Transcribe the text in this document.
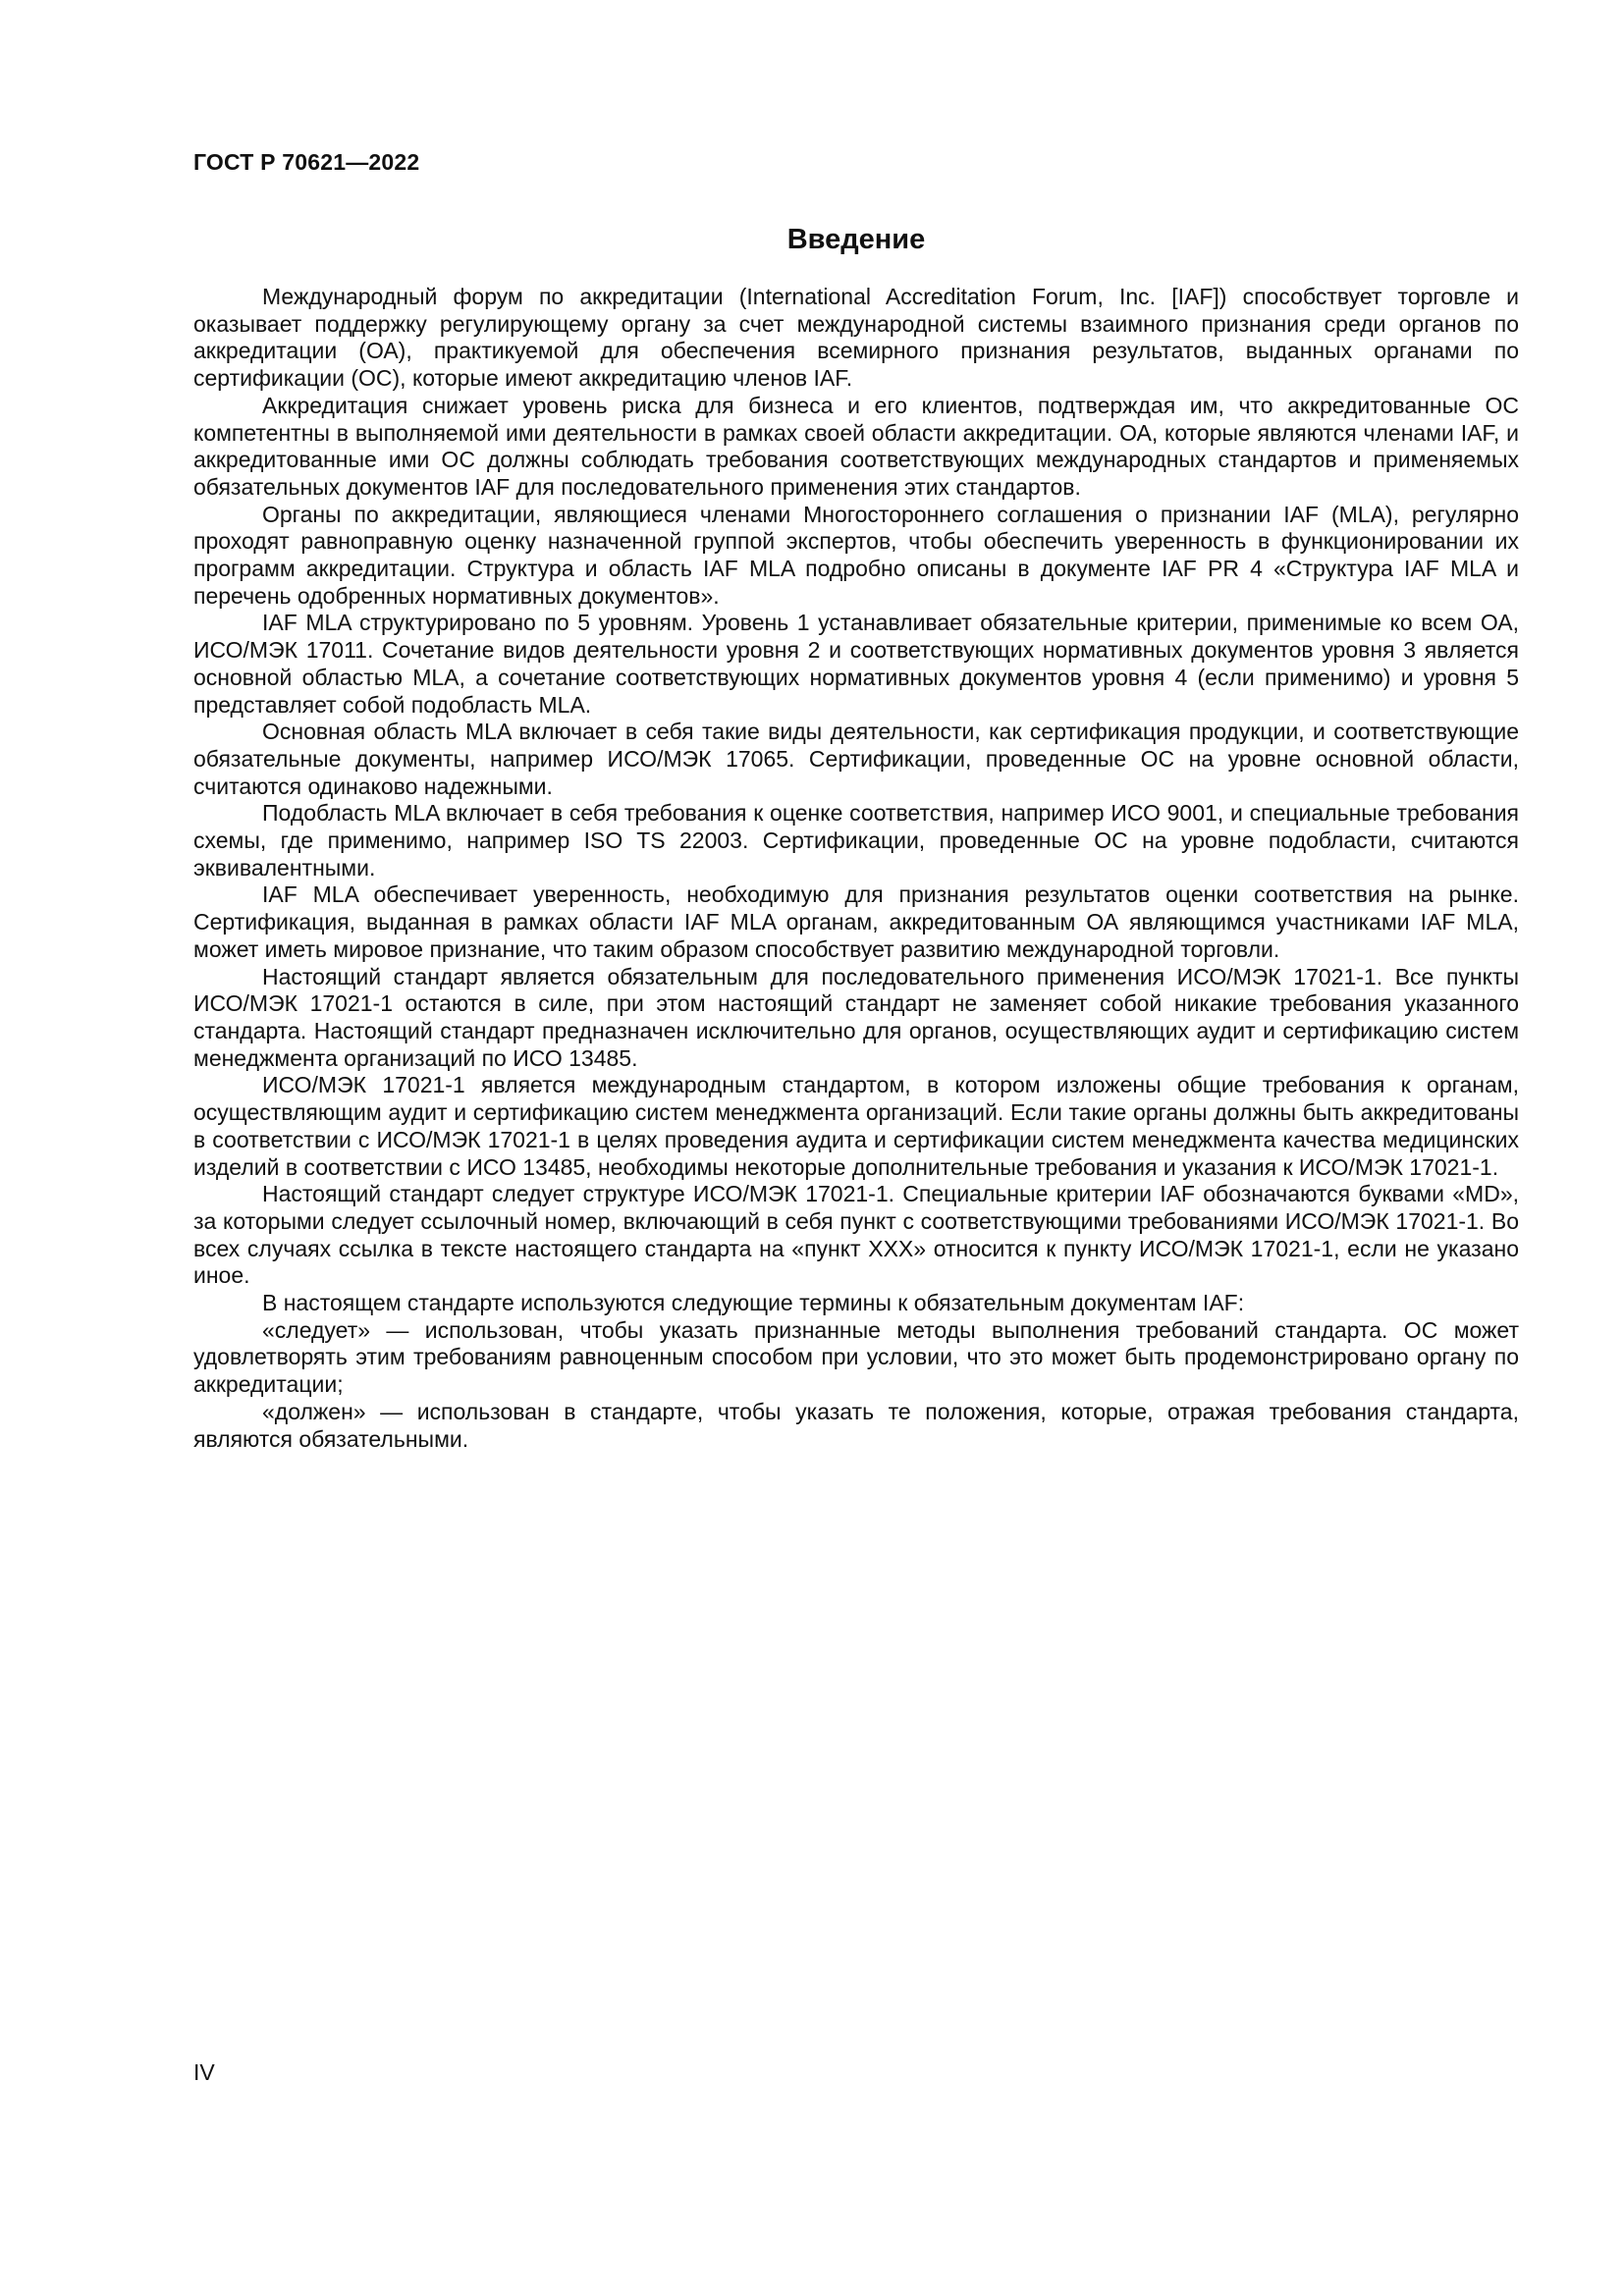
ГОСТ Р 70621—2022
Введение

Международный форум по аккредитации (International Accreditation Forum, Inc. [IAF]) способствует торговле и оказывает поддержку регулирующему органу за счет международной системы взаимного признания среди органов по аккредитации (ОА), практикуемой для обеспечения всемирного признания результатов, выданных органами по сертификации (ОС), которые имеют аккредитацию членов IAF.

Аккредитация снижает уровень риска для бизнеса и его клиентов, подтверждая им, что аккредитованные ОС компетентны в выполняемой ими деятельности в рамках своей области аккредитации. ОА, которые являются членами IAF, и аккредитованные ими ОС должны соблюдать требования соответствующих международных стандартов и применяемых обязательных документов IAF для последовательного применения этих стандартов.

Органы по аккредитации, являющиеся членами Многостороннего соглашения о признании IAF (MLA), регулярно проходят равноправную оценку назначенной группой экспертов, чтобы обеспечить уверенность в функционировании их программ аккредитации. Структура и область IAF MLA подробно описаны в документе IAF PR 4 «Структура IAF MLA и перечень одобренных нормативных документов».

IAF MLA структурировано по 5 уровням. Уровень 1 устанавливает обязательные критерии, применимые ко всем ОА, ИСО/МЭК 17011. Сочетание видов деятельности уровня 2 и соответствующих нормативных документов уровня 3 является основной областью MLA, а сочетание соответствующих нормативных документов уровня 4 (если применимо) и уровня 5 представляет собой подобласть MLA.

Основная область MLA включает в себя такие виды деятельности, как сертификация продукции, и соответствующие обязательные документы, например ИСО/МЭК 17065. Сертификации, проведенные ОС на уровне основной области, считаются одинаково надежными.

Подобласть MLA включает в себя требования к оценке соответствия, например ИСО 9001, и специальные требования схемы, где применимо, например ISO TS 22003. Сертификации, проведенные ОС на уровне подобласти, считаются эквивалентными.

IAF MLA обеспечивает уверенность, необходимую для признания результатов оценки соответствия на рынке. Сертификация, выданная в рамках области IAF MLA органам, аккредитованным ОА являющимся участниками IAF MLA, может иметь мировое признание, что таким образом способствует развитию международной торговли.

Настоящий стандарт является обязательным для последовательного применения ИСО/МЭК 17021-1. Все пункты ИСО/МЭК 17021-1 остаются в силе, при этом настоящий стандарт не заменяет собой никакие требования указанного стандарта. Настоящий стандарт предназначен исключительно для органов, осуществляющих аудит и сертификацию систем менеджмента организаций по ИСО 13485.

ИСО/МЭК 17021-1 является международным стандартом, в котором изложены общие требования к органам, осуществляющим аудит и сертификацию систем менеджмента организаций. Если такие органы должны быть аккредитованы в соответствии с ИСО/МЭК 17021-1 в целях проведения аудита и сертификации систем менеджмента качества медицинских изделий в соответствии с ИСО 13485, необходимы некоторые дополнительные требования и указания к ИСО/МЭК 17021-1.

Настоящий стандарт следует структуре ИСО/МЭК 17021-1. Специальные критерии IAF обозначаются буквами «MD», за которыми следует ссылочный номер, включающий в себя пункт с соответствующими требованиями ИСО/МЭК 17021-1. Во всех случаях ссылка в тексте настоящего стандарта на «пункт XXX» относится к пункту ИСО/МЭК 17021-1, если не указано иное.

В настоящем стандарте используются следующие термины к обязательным документам IAF:

«следует» — использован, чтобы указать признанные методы выполнения требований стандарта. ОС может удовлетворять этим требованиям равноценным способом при условии, что это может быть продемонстрировано органу по аккредитации;

«должен» — использован в стандарте, чтобы указать те положения, которые, отражая требования стандарта, являются обязательными.

IV
